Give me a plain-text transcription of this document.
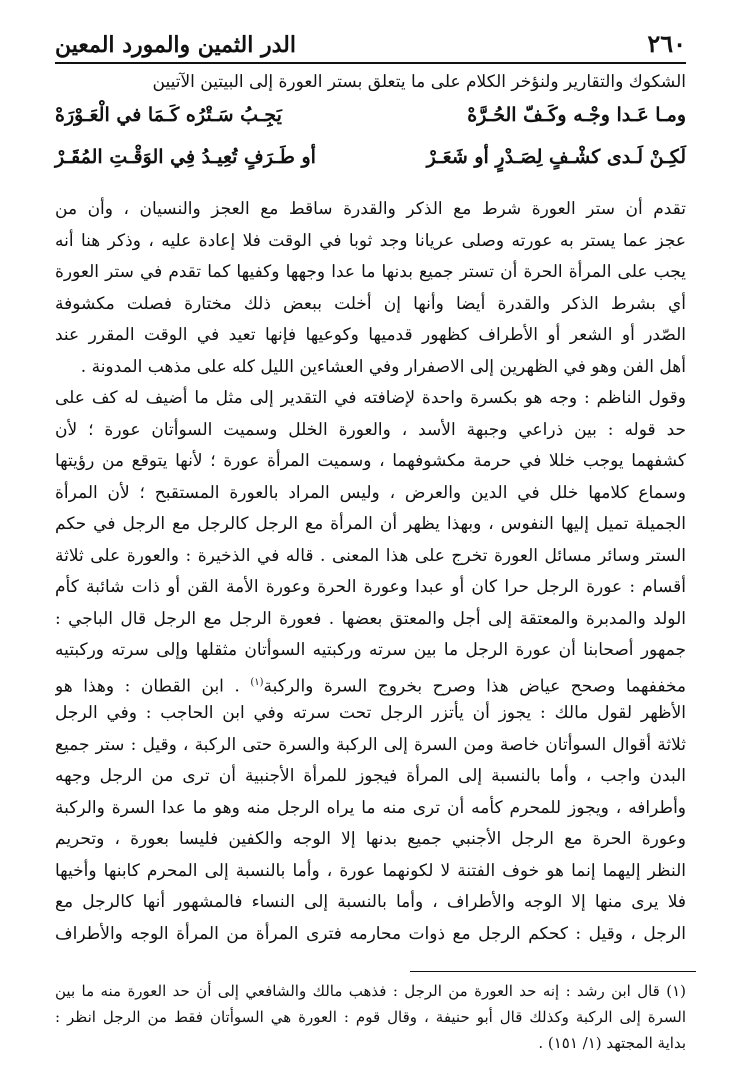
٢٦٠
الدر الثمين والمورد المعين
الشكوك والتقارير ولنؤخر الكلام على ما يتعلق بستر العورة إلى البيتين الآتيين
ومـا عَـدا وجْـه وكَـفّ الحُـرَّهْ
يَجِـبُ سَـتْرُه كَـمَا في الْعَـوْرَهْ
لَكِـنْ لَـدى كشْـفٍ لِصَـدْرٍ أو شَعَـرْ
أو طَـرَفٍ تُعِيـدُ فِي الوَقْـتِ المُقَـرْ
تقدم أن ستر العورة شرط مع الذكر والقدرة ساقط مع العجز والنسيان ، وأن من
عجز عما يستر به عورته وصلى عريانا وجد ثوبا في الوقت فلا إعادة عليه ، وذكر هنا أنه
يجب على المرأة الحرة أن تستر جميع بدنها ما عدا وجهها وكفيها كما تقدم في ستر العورة
أي بشرط الذكر والقدرة أيضا وأنها إن أخلت ببعض ذلك مختارة فصلت مكشوفة
الصّدر أو الشعر أو الأطراف كظهور قدميها وكوعيها فإنها تعيد في الوقت المقرر عند
أهل الفن وهو في الظهرين إلى الاصفرار وفي العشاءين الليل كله على مذهب المدونة .
وقول الناظم : وجه هو بكسرة واحدة لإضافته في التقدير إلى مثل ما أضيف له كف على
حد قوله : بين ذراعي وجبهة الأسد ، والعورة الخلل وسميت السوأتان عورة ؛ لأن
كشفهما يوجب خللا في حرمة مكشوفهما ، وسميت المرأة عورة ؛ لأنها يتوقع من رؤيتها
وسماع كلامها خلل في الدين والعرض ، وليس المراد بالعورة المستقبح ؛ لأن المرأة
الجميلة تميل إليها النفوس ، وبهذا يظهر أن المرأة مع الرجل كالرجل مع الرجل في حكم
الستر وسائر مسائل العورة تخرج على هذا المعنى . قاله في الذخيرة : والعورة على ثلاثة
أقسام : عورة الرجل حرا كان أو عبدا وعورة الحرة وعورة الأمة القن أو ذات شائبة كأم
الولد والمدبرة والمعتقة إلى أجل والمعتق بعضها . فعورة الرجل مع الرجل قال الباجي :
جمهور أصحابنا أن عورة الرجل ما بين سرته وركبتيه السوأتان مثقلها وإلى سرته وركبتيه
مخففهما وصحح عياض هذا وصرح بخروج السرة والركبة$^{(١)}$ . ابن القطان : وهذا هو
الأظهر لقول مالك : يجوز أن يأتزر الرجل تحت سرته وفي ابن الحاجب : وفي الرجل
ثلاثة أقوال السوأتان خاصة ومن السرة إلى الركبة والسرة حتى الركبة ، وقيل : ستر جميع
البدن واجب ، وأما بالنسبة إلى المرأة فيجوز للمرأة الأجنبية أن ترى من الرجل وجهه
وأطرافه ، ويجوز للمحرم كأمه أن ترى منه ما يراه الرجل منه وهو ما عدا السرة والركبة
وعورة الحرة مع الرجل الأجنبي جميع بدنها إلا الوجه والكفين فليسا بعورة ، وتحريم
النظر إليهما إنما هو خوف الفتنة لا لكونهما عورة ، وأما بالنسبة إلى المحرم كابنها وأخيها
فلا يرى منها إلا الوجه والأطراف ، وأما بالنسبة إلى النساء فالمشهور أنها كالرجل مع
الرجل ، وقيل : كحكم الرجل مع ذوات محارمه فترى المرأة من المرأة الوجه والأطراف
(١) قال ابن رشد : إنه حد العورة من الرجل : فذهب مالك والشافعي إلى أن حد العورة منه ما بين
السرة إلى الركبة وكذلك قال أبو حنيفة ، وقال قوم : العورة هي السوأتان فقط من الرجل انظر :
بداية المجتهد (١/ ١٥١) .
